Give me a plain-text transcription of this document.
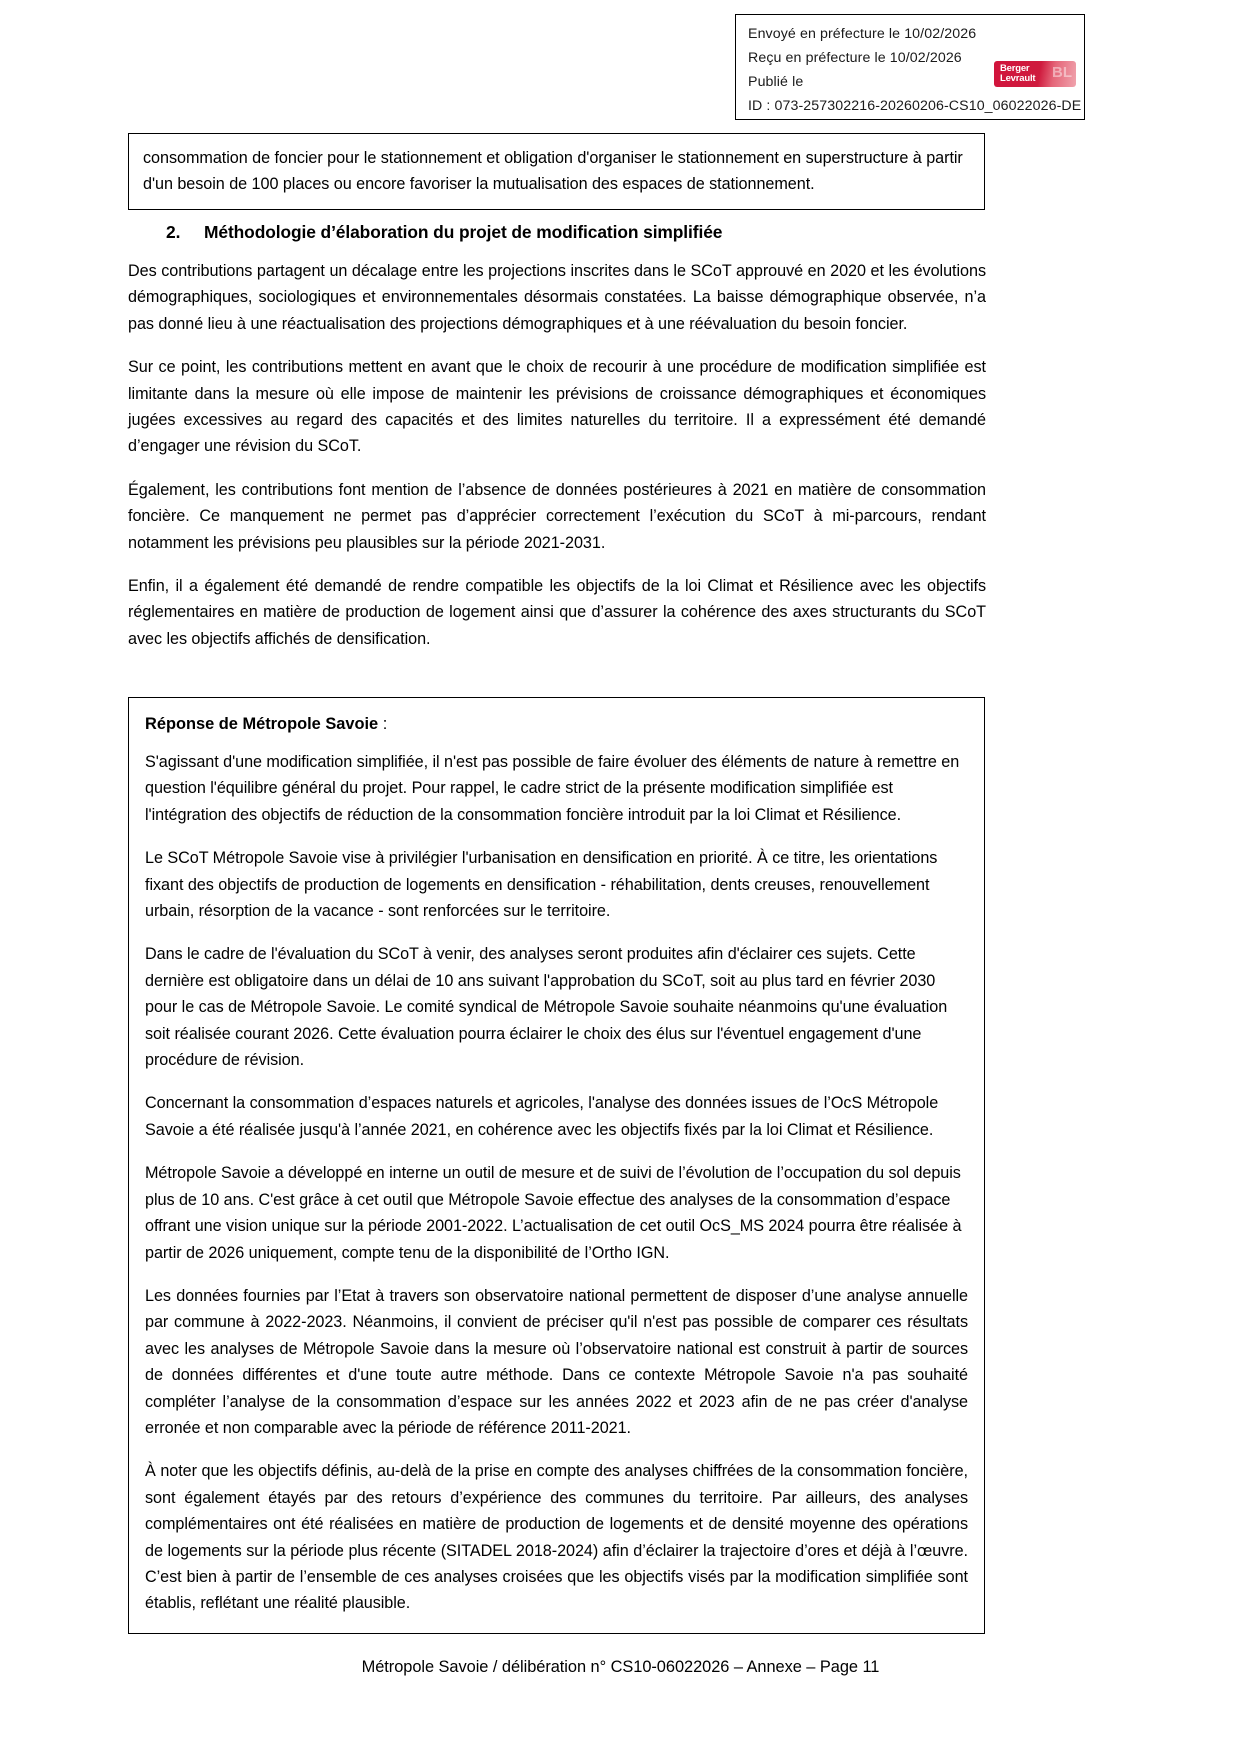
Envoyé en préfecture le 10/02/2026
Reçu en préfecture le 10/02/2026
Publié le
ID : 073-257302216-20260206-CS10_06022026-DE
Berger
Levrault BL

consommation de foncier pour le stationnement et obligation d'organiser le stationnement en superstructure à partir d'un besoin de 100 places ou encore favoriser la mutualisation des espaces de stationnement.

2. Méthodologie d’élaboration du projet de modification simplifiée

Des contributions partagent un décalage entre les projections inscrites dans le SCoT approuvé en 2020 et les évolutions démographiques, sociologiques et environnementales désormais constatées. La baisse démographique observée, n’a pas donné lieu à une réactualisation des projections démographiques et à une réévaluation du besoin foncier.

Sur ce point, les contributions mettent en avant que le choix de recourir à une procédure de modification simplifiée est limitante dans la mesure où elle impose de maintenir les prévisions de croissance démographiques et économiques jugées excessives au regard des capacités et des limites naturelles du territoire. Il a expressément été demandé d’engager une révision du SCoT.

Également, les contributions font mention de l’absence de données postérieures à 2021 en matière de consommation foncière. Ce manquement ne permet pas d’apprécier correctement l’exécution du SCoT à mi-parcours, rendant notamment les prévisions peu plausibles sur la période 2021-2031.

Enfin, il a également été demandé de rendre compatible les objectifs de la loi Climat et Résilience avec les objectifs réglementaires en matière de production de logement ainsi que d’assurer la cohérence des axes structurants du SCoT avec les objectifs affichés de densification.

Réponse de Métropole Savoie :

S'agissant d'une modification simplifiée, il n'est pas possible de faire évoluer des éléments de nature à remettre en question l'équilibre général du projet. Pour rappel, le cadre strict de la présente modification simplifiée est l'intégration des objectifs de réduction de la consommation foncière introduit par la loi Climat et Résilience.

Le SCoT Métropole Savoie vise à privilégier l'urbanisation en densification en priorité. À ce titre, les orientations fixant des objectifs de production de logements en densification - réhabilitation, dents creuses, renouvellement urbain, résorption de la vacance - sont renforcées sur le territoire.

Dans le cadre de l'évaluation du SCoT à venir, des analyses seront produites afin d'éclairer ces sujets. Cette dernière est obligatoire dans un délai de 10 ans suivant l'approbation du SCoT, soit au plus tard en février 2030 pour le cas de Métropole Savoie. Le comité syndical de Métropole Savoie souhaite néanmoins qu'une évaluation soit réalisée courant 2026. Cette évaluation pourra éclairer le choix des élus sur l'éventuel engagement d'une procédure de révision.

Concernant la consommation d’espaces naturels et agricoles, l'analyse des données issues de l’OcS Métropole Savoie a été réalisée jusqu'à l’année 2021, en cohérence avec les objectifs fixés par la loi Climat et Résilience.

Métropole Savoie a développé en interne un outil de mesure et de suivi de l’évolution de l’occupation du sol depuis plus de 10 ans. C'est grâce à cet outil que Métropole Savoie effectue des analyses de la consommation d’espace offrant une vision unique sur la période 2001-2022. L’actualisation de cet outil OcS_MS 2024 pourra être réalisée à partir de 2026 uniquement, compte tenu de la disponibilité de l’Ortho IGN.

Les données fournies par l’Etat à travers son observatoire national permettent de disposer d’une analyse annuelle par commune à 2022-2023. Néanmoins, il convient de préciser qu'il n'est pas possible de comparer ces résultats avec les analyses de Métropole Savoie dans la mesure où l’observatoire national est construit à partir de sources de données différentes et d'une toute autre méthode. Dans ce contexte Métropole Savoie n'a pas souhaité compléter l’analyse de la consommation d’espace sur les années 2022 et 2023 afin de ne pas créer d'analyse erronée et non comparable avec la période de référence 2011-2021.

À noter que les objectifs définis, au-delà de la prise en compte des analyses chiffrées de la consommation foncière, sont également étayés par des retours d’expérience des communes du territoire. Par ailleurs, des analyses complémentaires ont été réalisées en matière de production de logements et de densité moyenne des opérations de logements sur la période plus récente (SITADEL 2018-2024) afin d’éclairer la trajectoire d’ores et déjà à l’œuvre. C’est bien à partir de l’ensemble de ces analyses croisées que les objectifs visés par la modification simplifiée sont établis, reflétant une réalité plausible.

Métropole Savoie / délibération n° CS10-06022026 – Annexe – Page 11
